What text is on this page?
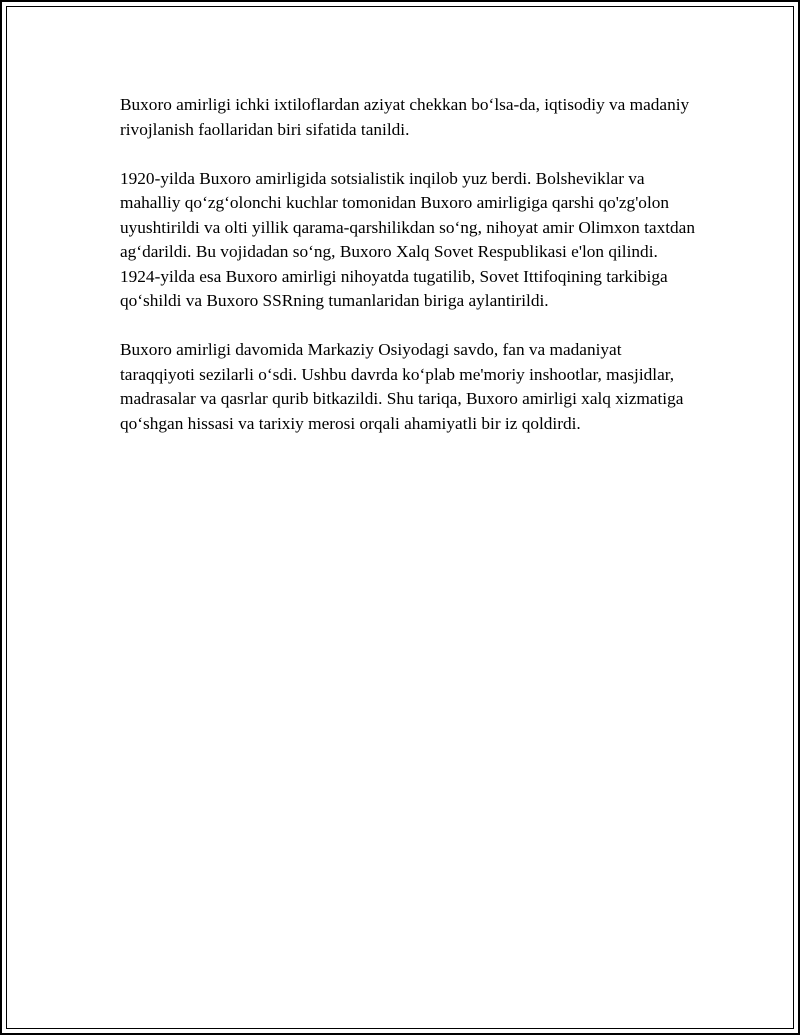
Buxoro amirligi ichki ixtiloflardan aziyat chekkan bo‘lsa-da, iqtisodiy va madaniy rivojlanish faollaridan biri sifatida tanildi.

1920-yilda Buxoro amirligida sotsialistik inqilob yuz berdi. Bolsheviklar va mahalliy qo‘zg‘olonchi kuchlar tomonidan Buxoro amirligiga qarshi qo'zg'olon uyushtirildi va olti yillik qarama-qarshilikdan so‘ng, nihoyat amir Olimxon taxtdan ag‘darildi. Bu vojidadan so‘ng, Buxoro Xalq Sovet Respublikasi e'lon qilindi. 1924-yilda esa Buxoro amirligi nihoyatda tugatilib, Sovet Ittifoqining tarkibiga qo‘shildi va Buxoro SSRning tumanlaridan biriga aylantirildi.

Buxoro amirligi davomida Markaziy Osiyodagi savdo, fan va madaniyat taraqqiyoti sezilarli o‘sdi. Ushbu davrda ko‘plab me'moriy inshootlar, masjidlar, madrasalar va qasrlar qurib bitkazildi. Shu tariqa, Buxoro amirligi xalq xizmatiga qo‘shgan hissasi va tarixiy merosi orqali ahamiyatli bir iz qoldirdi.
